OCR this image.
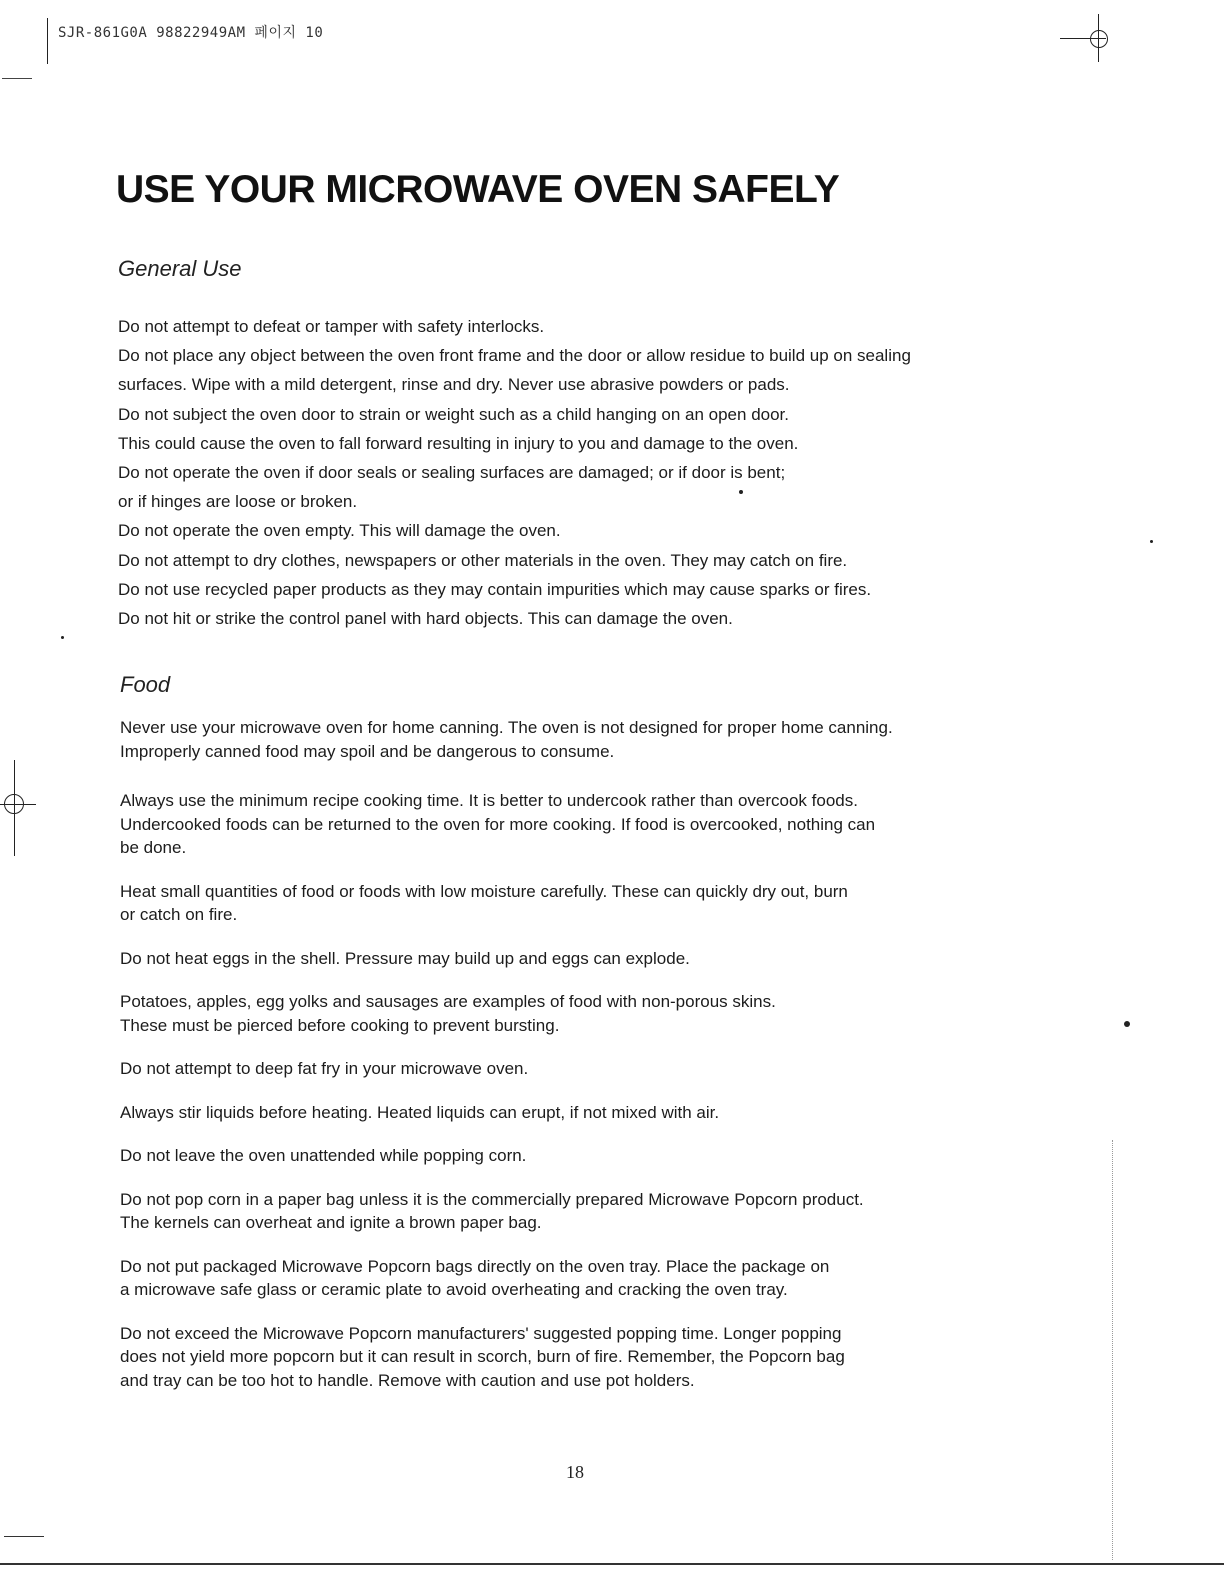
SJR-861G0A 98822949AM 페이지 10
USE YOUR MICROWAVE OVEN SAFELY
General Use
Do not attempt to defeat or tamper with safety interlocks.
Do not place any object between the oven front frame and the door or allow residue to build up on sealing
surfaces. Wipe with a mild detergent, rinse and dry. Never use abrasive powders or pads.
Do not subject the oven door to strain or weight such as a child hanging on an open door.
This could cause the oven to fall forward resulting in injury to you and damage to the oven.
Do not operate the oven if door seals or sealing surfaces are damaged; or if door is bent;
or if hinges are loose or broken.
Do not operate the oven empty. This will damage the oven.
Do not attempt to dry clothes, newspapers or other materials in the oven. They may catch on fire.
Do not use recycled paper products as they may contain impurities which may cause sparks or fires.
Do not hit or strike the control panel with hard objects. This can damage the oven.
Food
Never use your microwave oven for home canning. The oven is not designed for proper home canning.
Improperly canned food may spoil and be dangerous to consume.
Always use the minimum recipe cooking time. It is better to undercook rather than overcook foods.
Undercooked foods can be returned to the oven for more cooking. If food is overcooked, nothing can
be done.
Heat small quantities of food or foods with low moisture carefully. These can quickly dry out, burn
or catch on fire.
Do not heat eggs in the shell. Pressure may build up and eggs can explode.
Potatoes, apples, egg yolks and sausages are examples of food with non-porous skins.
These must be pierced before cooking to prevent bursting.
Do not attempt to deep fat fry in your microwave oven.
Always stir liquids before heating. Heated liquids can erupt, if not mixed with air.
Do not leave the oven unattended while popping corn.
Do not pop corn in a paper bag unless it is the commercially prepared Microwave Popcorn product.
The kernels can overheat and ignite a brown paper bag.
Do not put packaged Microwave Popcorn bags directly on the oven tray. Place the package on
a microwave safe glass or ceramic plate to avoid overheating and cracking the oven tray.
Do not exceed the Microwave Popcorn manufacturers' suggested popping time. Longer popping
does not yield more popcorn but it can result in scorch, burn of fire. Remember, the Popcorn bag
and tray can be too hot to handle. Remove with caution and use pot holders.
18
